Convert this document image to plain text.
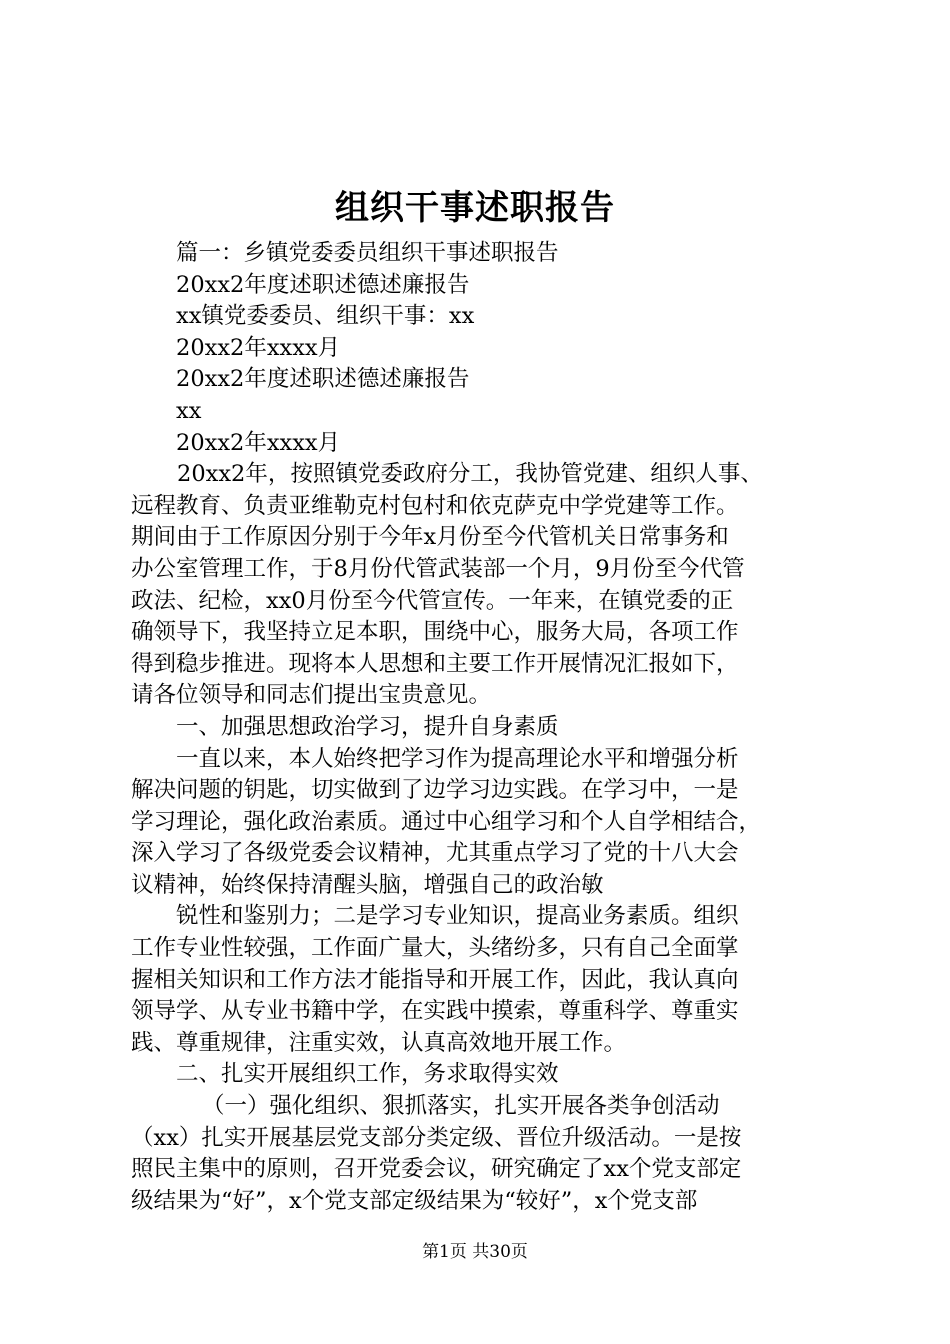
组织干事述职报告
篇一：乡镇党委委员组织干事述职报告
20xx2年度述职述德述廉报告
xx镇党委委员、组织干事：xx
20xx2年xxxx月
20xx2年度述职述德述廉报告
xx
20xx2年xxxx月
20xx2年，按照镇党委政府分工，我协管党建、组织人事、
远程教育、负责亚维勒克村包村和依克萨克中学党建等工作。
期间由于工作原因分别于今年x月份至今代管机关日常事务和
办公室管理工作，于8月份代管武装部一个月，9月份至今代管
政法、纪检，xx0月份至今代管宣传。一年来，在镇党委的正
确领导下，我坚持立足本职，围绕中心，服务大局，各项工作
得到稳步推进。现将本人思想和主要工作开展情况汇报如下，
请各位领导和同志们提出宝贵意见。
一、加强思想政治学习，提升自身素质
一直以来，本人始终把学习作为提高理论水平和增强分析
解决问题的钥匙，切实做到了边学习边实践。在学习中，一是
学习理论，强化政治素质。通过中心组学习和个人自学相结合，
深入学习了各级党委会议精神，尤其重点学习了党的十八大会
议精神，始终保持清醒头脑，增强自己的政治敏
锐性和鉴别力；二是学习专业知识，提高业务素质。组织
工作专业性较强，工作面广量大，头绪纷多，只有自己全面掌
握相关知识和工作方法才能指导和开展工作，因此，我认真向
领导学、从专业书籍中学，在实践中摸索，尊重科学、尊重实
践、尊重规律，注重实效，认真高效地开展工作。
二、扎实开展组织工作，务求取得实效
（一）强化组织、狠抓落实，扎实开展各类争创活动
（xx）扎实开展基层党支部分类定级、晋位升级活动。一是按
照民主集中的原则，召开党委会议，研究确定了xx个党支部定
级结果为“好”，x个党支部定级结果为“较好”，x个党支部
第1页 共30页
